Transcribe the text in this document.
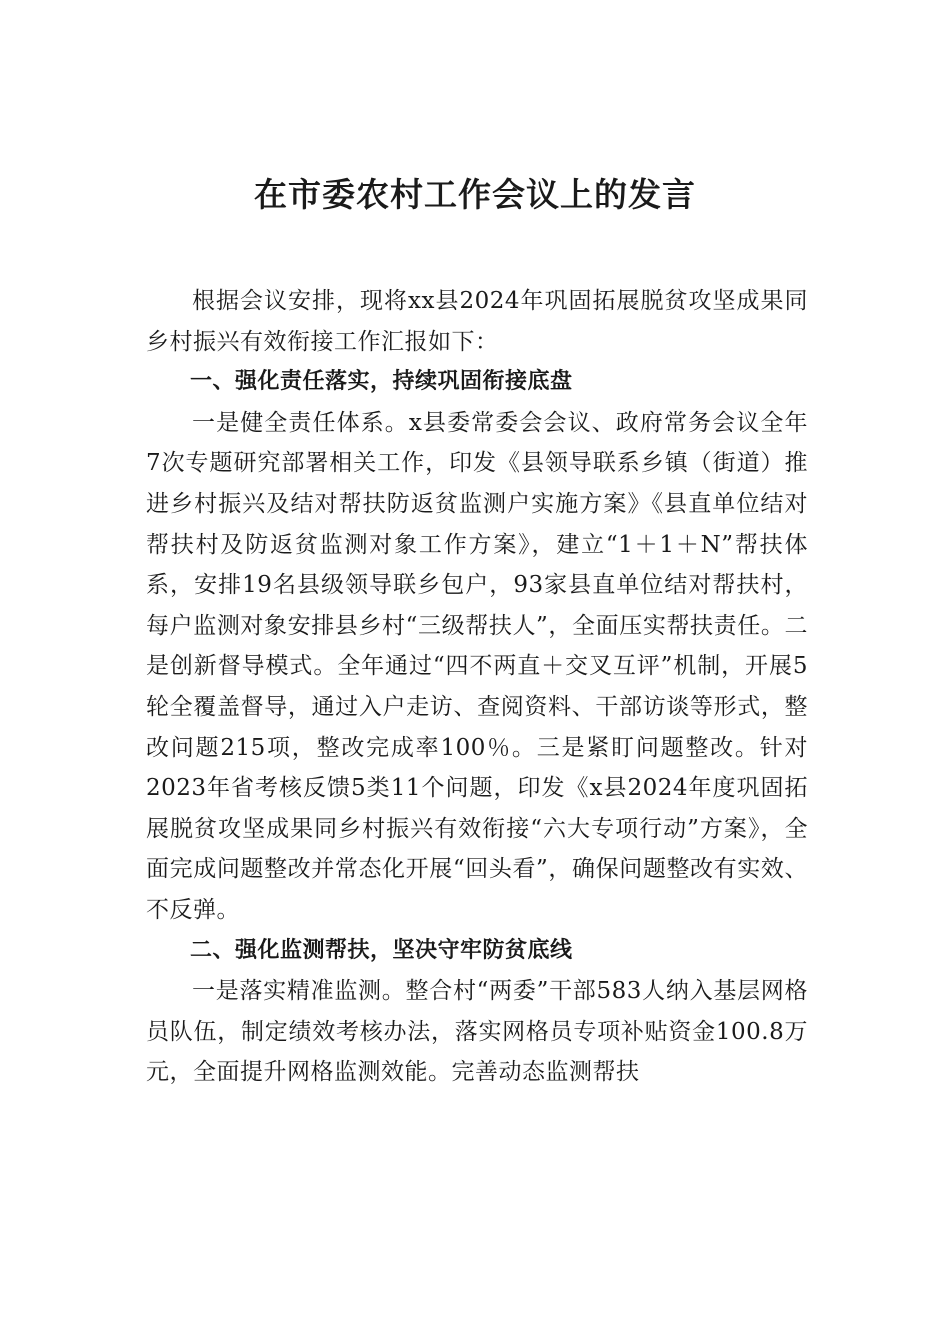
在市委农村工作会议上的发言

根据会议安排，现将xx县2024年巩固拓展脱贫攻坚成果同乡村振兴有效衔接工作汇报如下：

一、强化责任落实，持续巩固衔接底盘

一是健全责任体系。x县委常委会会议、政府常务会议全年7次专题研究部署相关工作，印发《县领导联系乡镇（街道）推进乡村振兴及结对帮扶防返贫监测户实施方案》《县直单位结对帮扶村及防返贫监测对象工作方案》，建立“1＋1＋N”帮扶体系，安排19名县级领导联乡包户，93家县直单位结对帮扶村，每户监测对象安排县乡村“三级帮扶人”，全面压实帮扶责任。二是创新督导模式。全年通过“四不两直＋交叉互评”机制，开展5轮全覆盖督导，通过入户走访、查阅资料、干部访谈等形式，整改问题215项，整改完成率100％。三是紧盯问题整改。针对2023年省考核反馈5类11个问题，印发《x县2024年度巩固拓展脱贫攻坚成果同乡村振兴有效衔接“六大专项行动”方案》，全面完成问题整改并常态化开展“回头看”，确保问题整改有实效、不反弹。

二、强化监测帮扶，坚决守牢防贫底线

一是落实精准监测。整合村“两委”干部583人纳入基层网格员队伍，制定绩效考核办法，落实网格员专项补贴资金100.8万元，全面提升网格监测效能。完善动态监测帮扶
